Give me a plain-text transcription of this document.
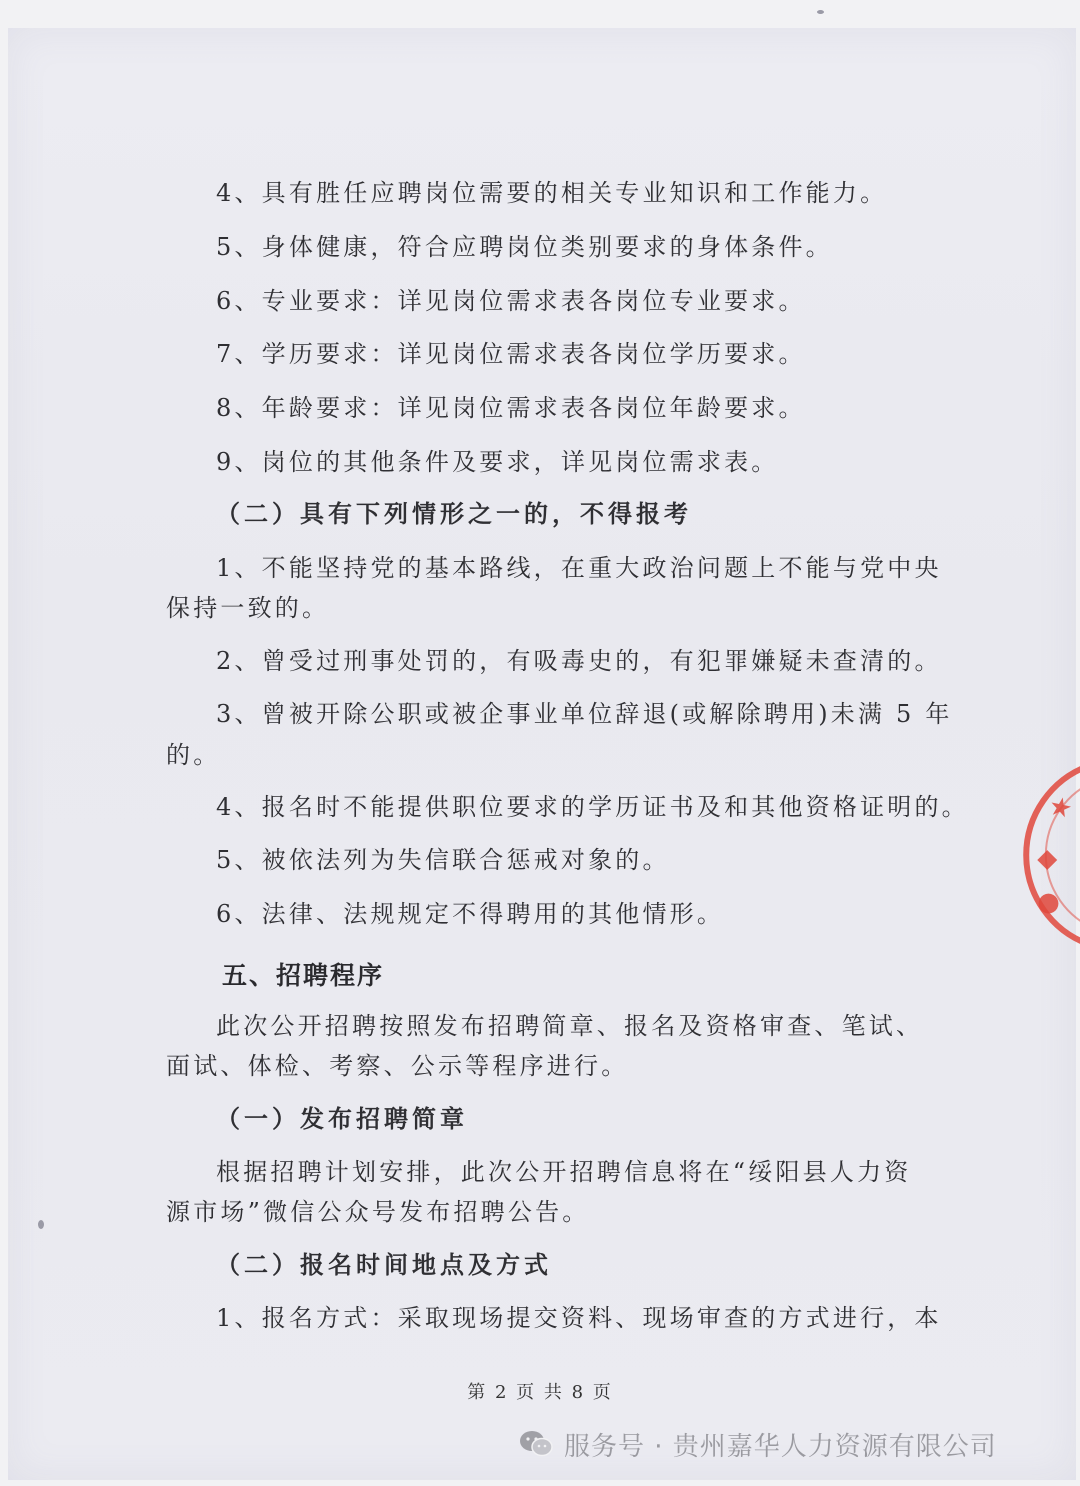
4、具有胜任应聘岗位需要的相关专业知识和工作能力。
5、身体健康，符合应聘岗位类别要求的身体条件。
6、专业要求：详见岗位需求表各岗位专业要求。
7、学历要求：详见岗位需求表各岗位学历要求。
8、年龄要求：详见岗位需求表各岗位年龄要求。
9、岗位的其他条件及要求，详见岗位需求表。
（二）具有下列情形之一的，不得报考
1、不能坚持党的基本路线，在重大政治问题上不能与党中央
保持一致的。
2、曾受过刑事处罚的，有吸毒史的，有犯罪嫌疑未查清的。
3、曾被开除公职或被企事业单位辞退(或解除聘用)未满 5 年
的。
4、报名时不能提供职位要求的学历证书及和其他资格证明的。
5、被依法列为失信联合惩戒对象的。
6、法律、法规规定不得聘用的其他情形。
五、招聘程序
此次公开招聘按照发布招聘简章、报名及资格审查、笔试、
面试、体检、考察、公示等程序进行。
（一）发布招聘简章
根据招聘计划安排，此次公开招聘信息将在“绥阳县人力资
源市场”微信公众号发布招聘公告。
（二）报名时间地点及方式
1、报名方式：采取现场提交资料、现场审查的方式进行，本
第 2 页 共 8 页
★
◆
●
服务号 · 贵州嘉华人力资源有限公司
